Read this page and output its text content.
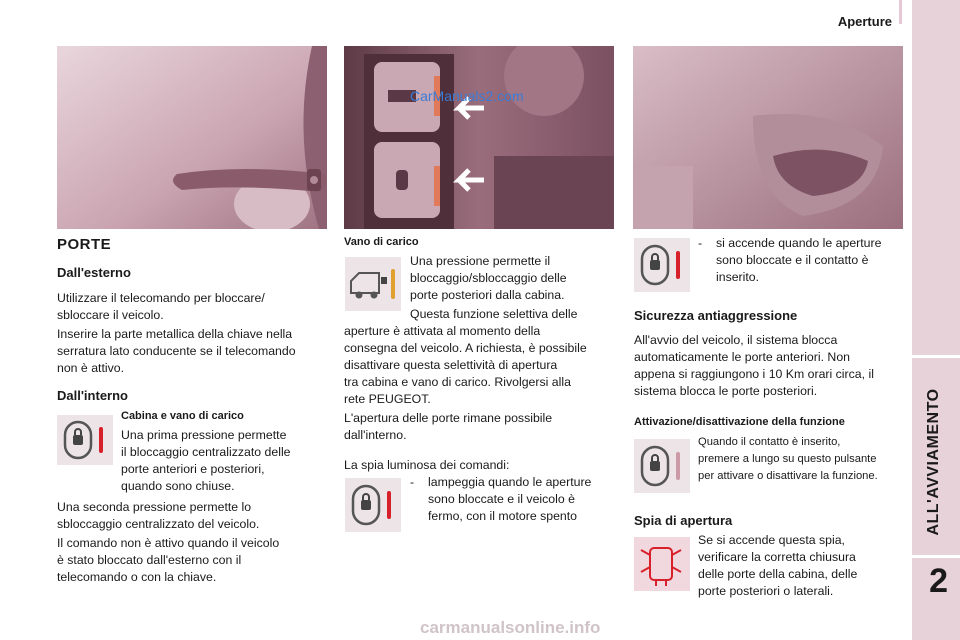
Aperture
ALL'AVVIAMENTO
2
CarManuals2.com
PORTE
Dall'esterno
Utilizzare il telecomando per bloccare/
sbloccare il veicolo.
Inserire la parte metallica della chiave nella
serratura lato conducente se il telecomando
non è attivo.
Dall'interno
Cabina e vano di carico
Una prima pressione permette
il bloccaggio centralizzato delle
porte anteriori e posteriori,
quando sono chiuse.
Una seconda pressione permette lo
sbloccaggio centralizzato del veicolo.
Il comando non è attivo quando il veicolo
è stato bloccato dall'esterno con il
telecomando o con la chiave.
Vano di carico
Una pressione permette il
bloccaggio/sbloccaggio delle
porte posteriori dalla cabina.
Questa funzione selettiva delle
aperture è attivata al momento della
consegna del veicolo. A richiesta, è possibile
disattivare questa selettività di apertura
tra cabina e vano di carico. Rivolgersi alla
rete PEUGEOT.
L'apertura delle porte rimane possibile
dall'interno.
La spia luminosa dei comandi:
- lampeggia quando le aperture
sono bloccate e il veicolo è
fermo, con il motore spento
- si accende quando le aperture
sono bloccate e il contatto è
inserito.
Sicurezza antiaggressione
All'avvio del veicolo, il sistema blocca
automaticamente le porte anteriori. Non
appena si raggiungono i 10 Km orari circa, il
sistema blocca le porte posteriori.
Attivazione/disattivazione della funzione
Quando il contatto è inserito,
premere a lungo su questo pulsante
per attivare o disattivare la funzione.
Spia di apertura
Se si accende questa spia,
verificare la corretta chiusura
delle porte della cabina, delle
porte posteriori o laterali.
carmanualsonline.info
